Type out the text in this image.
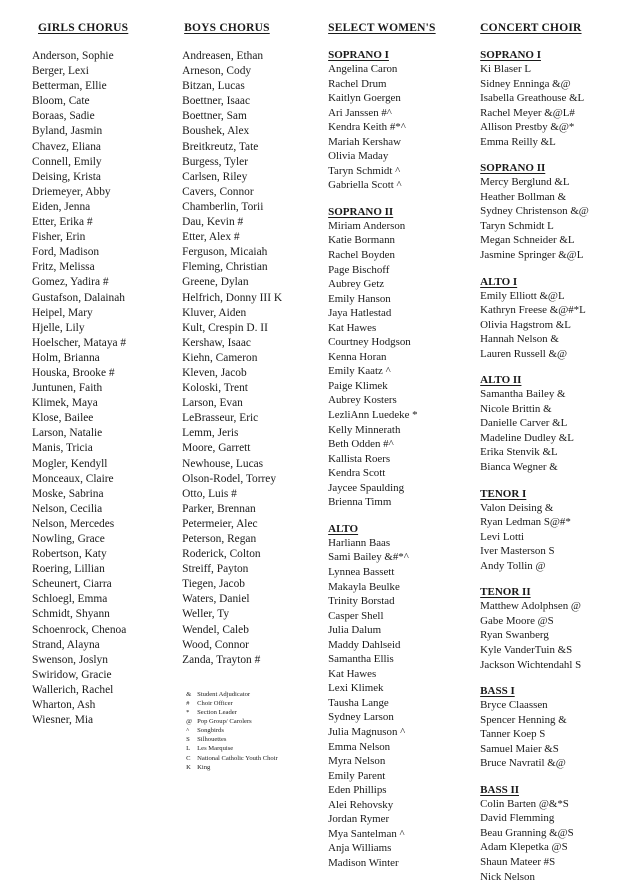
GIRLS CHORUS
Anderson, Sophie
Berger, Lexi
Betterman, Ellie
Bloom, Cate
Boraas, Sadie
Byland, Jasmin
Chavez, Eliana
Connell, Emily
Deising, Krista
Driemeyer, Abby
Eiden, Jenna
Etter, Erika #
Fisher, Erin
Ford, Madison
Fritz, Melissa
Gomez, Yadira #
Gustafson, Dalainah
Heipel, Mary
Hjelle, Lily
Hoelscher, Mataya #
Holm, Brianna
Houska, Brooke #
Juntunen, Faith
Klimek, Maya
Klose, Bailee
Larson, Natalie
Manis, Tricia
Mogler, Kendyll
Monceaux, Claire
Moske, Sabrina
Nelson, Cecilia
Nelson, Mercedes
Nowling, Grace
Robertson, Katy
Roering, Lillian
Scheunert, Ciarra
Schloegl, Emma
Schmidt, Shyann
Schoenrock, Chenoa
Strand, Alayna
Swenson, Joslyn
Swiridow, Gracie
Wallerich, Rachel
Wharton, Ash
Wiesner, Mia
BOYS CHORUS
Andreasen, Ethan
Arneson, Cody
Bitzan, Lucas
Boettner, Isaac
Boettner, Sam
Boushek, Alex
Breitkreutz, Tate
Burgess, Tyler
Carlsen, Riley
Cavers, Connor
Chamberlin, Torii
Dau, Kevin #
Etter, Alex #
Ferguson, Micaiah
Fleming, Christian
Greene, Dylan
Helfrich, Donny III K
Kluver, Aiden
Kult, Crespin D. II
Kershaw, Isaac
Kiehn, Cameron
Kleven, Jacob
Koloski, Trent
Larson, Evan
LeBrasseur, Eric
Lemm, Jeris
Moore, Garrett
Newhouse, Lucas
Olson-Rodel, Torrey
Otto, Luis #
Parker, Brennan
Petermeier, Alec
Peterson, Regan
Roderick, Colton
Streiff, Payton
Tiegen, Jacob
Waters, Daniel
Weller, Ty
Wendel, Caleb
Wood, Connor
Zanda, Trayton #
& Student Adjudicator
#	Choir Officer
*	Section Leader
@ Pop Group/ Carolers
^	Songbirds
S	Silhouettes
L	Les Marquise
C National Catholic Youth Choir
K King
SELECT WOMEN'S
SOPRANO I
Angelina Caron
Rachel Drum
Kaitlyn Goergen
Ari Janssen #^
Kendra Keith #*^
Mariah Kershaw
Olivia Maday
Taryn Schmidt ^
Gabriella Scott ^
SOPRANO II
Miriam Anderson
Katie Bormann
Rachel Boyden
Page Bischoff
Aubrey Getz
Emily Hanson
Jaya Hatlestad
Kat Hawes
Courtney Hodgson
Kenna Horan
Emily Kaatz ^
Paige Klimek
Aubrey Kosters
LezliAnn Luedeke *
Kelly Minnerath
Beth Odden #^
Kallista Roers
Kendra Scott
Jaycee Spaulding
Brienna Timm
ALTO
Harliann Baas
Sami Bailey &#*^
Lynnea Bassett
Makayla Beulke
Trinity Borstad
Casper Shell
Julia Dalum
Maddy Dahlseid
Samantha Ellis
Kat Hawes
Lexi Klimek
Tausha Lange
Sydney Larson
Julia Magnuson ^
Emma Nelson
Myra Nelson
Emily Parent
Eden Phillips
Alei Rehovsky
Jordan Rymer
Mya Santelman ^
Anja Williams
Madison Winter
CONCERT CHOIR
SOPRANO I
Ki Blaser L
Sidney Enninga &@
Isabella Greathouse &L
Rachel Meyer &@L#
Allison Prestby &@*
Emma Reilly &L
SOPRANO II
Mercy Berglund &L
Heather Bollman &
Sydney Christenson &@
Taryn Schmidt L
Megan Schneider &L
Jasmine Springer &@L
ALTO I
Emily Elliott &@L
Kathryn Freese &@#*L
Olivia Hagstrom &L
Hannah Nelson &
Lauren Russell &@
ALTO II
Samantha Bailey &
Nicole Brittin &
Danielle Carver &L
Madeline Dudley &L
Erika Stenvik &L
Bianca Wegner &
TENOR I
Valon Deising &
Ryan Ledman S@#*
Levi Lotti
Iver Masterson S
Andy Tollin @
TENOR II
Matthew Adolphsen @
Gabe Moore @S
Ryan Swanberg
Kyle VanderTuin &S
Jackson Wichtendahl S
BASS I
Bryce Claassen
Spencer Henning &
Tanner Koep S
Samuel Maier &S
Bruce Navratil &@
BASS II
Colin Barten @&*S
David Flemming
Beau Granning &@S
Adam Klepetka @S
Shaun Mateer #S
Nick Nelson
